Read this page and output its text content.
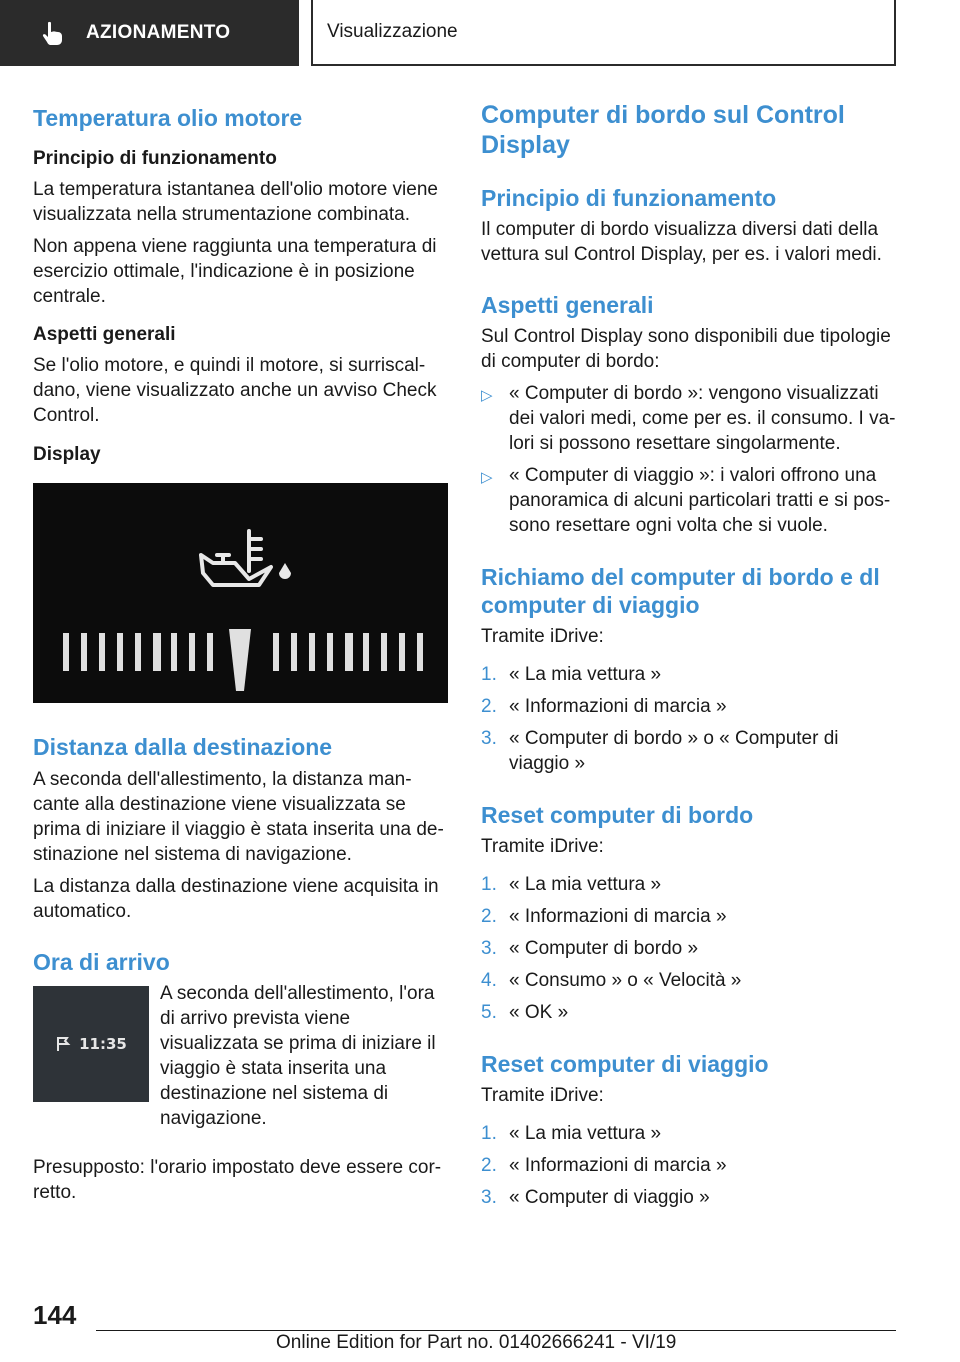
AZIONAMENTO	Visualizzazione
Temperatura olio motore
Principio di funzionamento
La temperatura istantanea dell'olio motore viene visualizzata nella strumentazione combinata.
Non appena viene raggiunta una temperatura di esercizio ottimale, l'indicazione è in posizione centrale.
Aspetti generali
Se l'olio motore, e quindi il motore, si surriscal-dano, viene visualizzato anche un avviso Check Control.
Display
Distanza dalla destinazione
A seconda dell'allestimento, la distanza man-cante alla destinazione viene visualizzata se prima di iniziare il viaggio è stata inserita una de-stinazione nel sistema di navigazione.
La distanza dalla destinazione viene acquisita in automatico.
Ora di arrivo
11:35
A seconda dell'allestimento, l'ora di arrivo prevista viene visualizzata se prima di iniziare il viaggio è stata inserita una destinazione nel sistema di navigazione.
Presupposto: l'orario impostato deve essere cor-retto.
Computer di bordo sul Control Display
Principio di funzionamento
Il computer di bordo visualizza diversi dati della vettura sul Control Display, per es. i valori medi.
Aspetti generali
Sul Control Display sono disponibili due tipologie di computer di bordo:
▷ « Computer di bordo »: vengono visualizzati dei valori medi, come per es. il consumo. I va-lori si possono resettare singolarmente.
▷ « Computer di viaggio »: i valori offrono una panoramica di alcuni particolari tratti e si pos-sono resettare ogni volta che si vuole.
Richiamo del computer di bordo e dl computer di viaggio
Tramite iDrive:
1. « La mia vettura »
2. « Informazioni di marcia »
3. « Computer di bordo » o « Computer di viaggio »
Reset computer di bordo
Tramite iDrive:
1. « La mia vettura »
2. « Informazioni di marcia »
3. « Computer di bordo »
4. « Consumo » o « Velocità »
5. « OK »
Reset computer di viaggio
Tramite iDrive:
1. « La mia vettura »
2. « Informazioni di marcia »
3. « Computer di viaggio »
144
Online Edition for Part no. 01402666241 - VI/19
